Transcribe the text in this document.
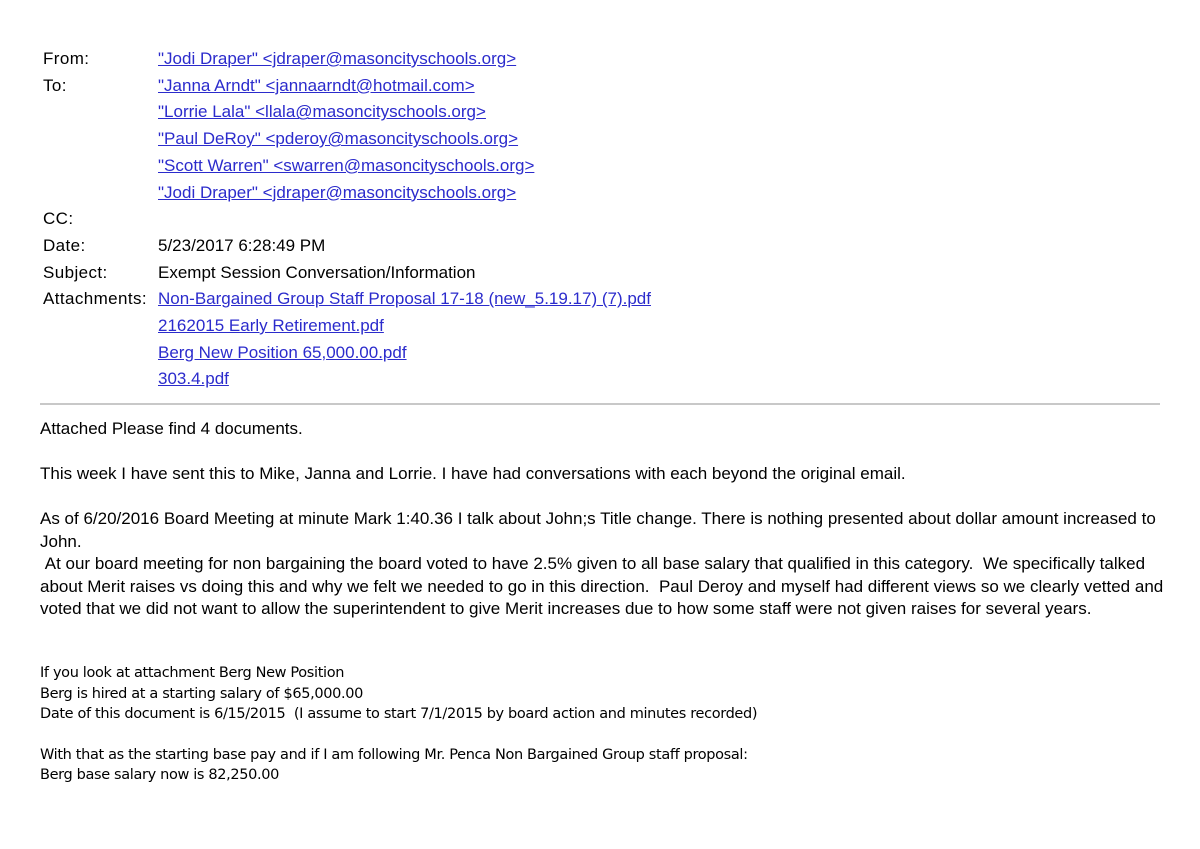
From:	"Jodi Draper" <jdraper@masoncityschools.org>
To:	"Janna Arndt" <jannaarndt@hotmail.com>
"Lorrie Lala" <llala@masoncityschools.org>
"Paul DeRoy" <pderoy@masoncityschools.org>
"Scott Warren" <swarren@masoncityschools.org>
"Jodi Draper" <jdraper@masoncityschools.org>
CC:

Date:	5/23/2017 6:28:49 PM
Subject:	Exempt Session Conversation/Information
Attachments: Non-Bargained Group Staff Proposal 17-18 (new_5.19.17) (7).pdf
2162015 Early Retirement.pdf
Berg New Position 65,000.00.pdf
303.4.pdf

Attached Please find 4 documents.

This week I have sent this to Mike, Janna and Lorrie. I have had conversations with each beyond the original email.

As of 6/20/2016 Board Meeting at minute Mark 1:40.36 I talk about John;s Title change. There is nothing presented about dollar amount increased to John.
At our board meeting for non bargaining the board voted to have 2.5% given to all base salary that qualified in this category.  We specifically talked about Merit raises vs doing this and why we felt we needed to go in this direction.  Paul Deroy and myself had different views so we clearly vetted and voted that we did not want to allow the superintendent to give Merit increases due to how some staff were not given raises for several years.

If you look at attachment Berg New Position
Berg is hired at a starting salary of $65,000.00
Date of this document is 6/15/2015  (I assume to start 7/1/2015 by board action and minutes recorded)

With that as the starting base pay and if I am following Mr. Penca Non Bargained Group staff proposal:
Berg base salary now is 82,250.00
